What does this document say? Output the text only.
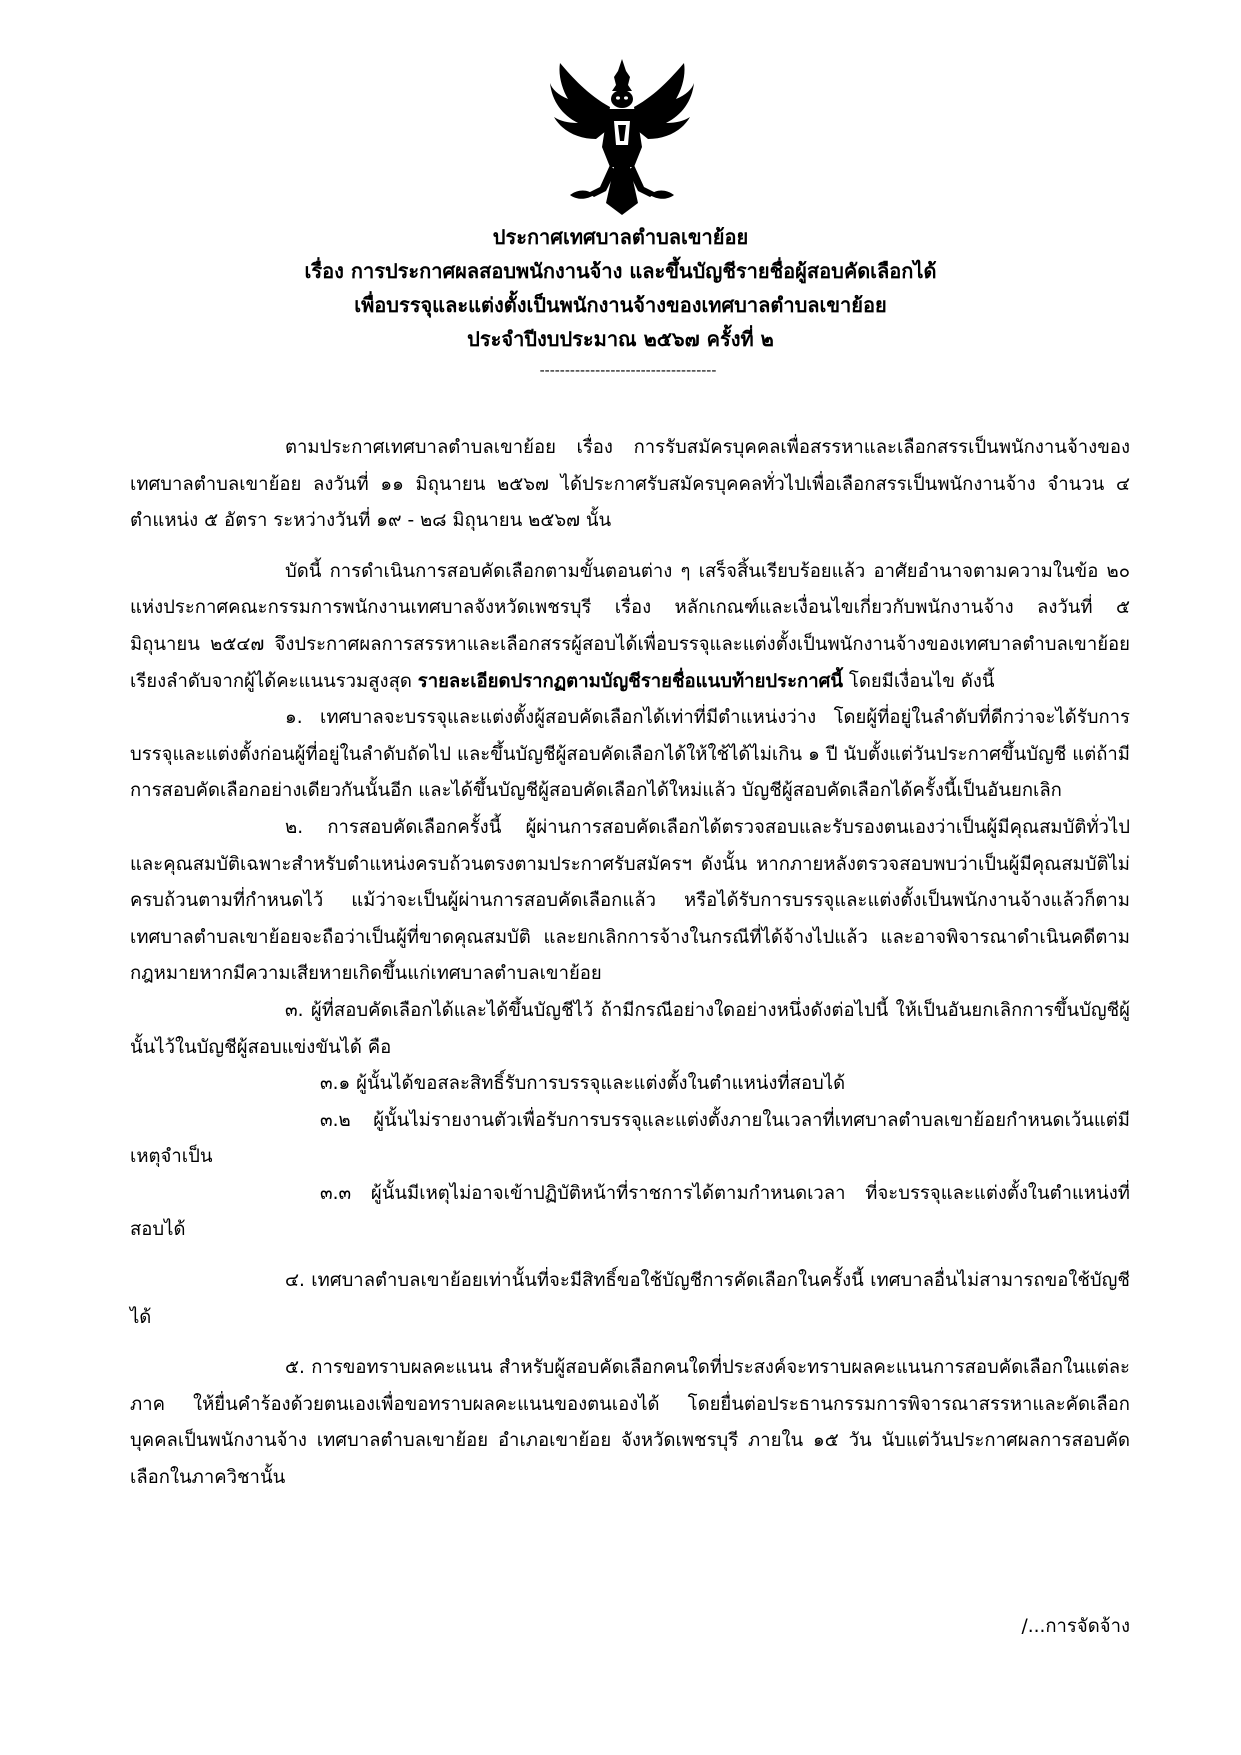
ประกาศเทศบาลตำบลเขาย้อย
เรื่อง การประกาศผลสอบพนักงานจ้าง และขึ้นบัญชีรายชื่อผู้สอบคัดเลือกได้
เพื่อบรรจุและแต่งตั้งเป็นพนักงานจ้างของเทศบาลตำบลเขาย้อย
ประจำปีงบประมาณ ๒๕๖๗ ครั้งที่ ๒
-----------------------------------

ตามประกาศเทศบาลตำบลเขาย้อย เรื่อง การรับสมัครบุคคลเพื่อสรรหาและเลือกสรรเป็นพนักงานจ้างของเทศบาลตำบลเขาย้อย ลงวันที่ ๑๑ มิถุนายน ๒๕๖๗ ได้ประกาศรับสมัครบุคคลทั่วไปเพื่อเลือกสรรเป็นพนักงานจ้าง จำนวน ๔ ตำแหน่ง ๕ อัตรา ระหว่างวันที่ ๑๙ - ๒๘ มิถุนายน ๒๕๖๗ นั้น

บัดนี้ การดำเนินการสอบคัดเลือกตามขั้นตอนต่าง ๆ เสร็จสิ้นเรียบร้อยแล้ว อาศัยอำนาจตามความในข้อ ๒๐ แห่งประกาศคณะกรรมการพนักงานเทศบาลจังหวัดเพชรบุรี เรื่อง หลักเกณฑ์และเงื่อนไขเกี่ยวกับพนักงานจ้าง ลงวันที่ ๕ มิถุนายน ๒๕๔๗ จึงประกาศผลการสรรหาและเลือกสรรผู้สอบได้เพื่อบรรจุและแต่งตั้งเป็นพนักงานจ้างของเทศบาลตำบลเขาย้อย เรียงลำดับจากผู้ได้คะแนนรวมสูงสุด รายละเอียดปรากฏตามบัญชีรายชื่อแนบท้ายประกาศนี้ โดยมีเงื่อนไข ดังนี้

๑. เทศบาลจะบรรจุและแต่งตั้งผู้สอบคัดเลือกได้เท่าที่มีตำแหน่งว่าง โดยผู้ที่อยู่ในลำดับที่ดีกว่าจะได้รับการบรรจุและแต่งตั้งก่อนผู้ที่อยู่ในลำดับถัดไป และขึ้นบัญชีผู้สอบคัดเลือกได้ให้ใช้ได้ไม่เกิน ๑ ปี นับตั้งแต่วันประกาศขึ้นบัญชี แต่ถ้ามีการสอบคัดเลือกอย่างเดียวกันนั้นอีก และได้ขึ้นบัญชีผู้สอบคัดเลือกได้ใหม่แล้ว บัญชีผู้สอบคัดเลือกได้ครั้งนี้เป็นอันยกเลิก

๒. การสอบคัดเลือกครั้งนี้ ผู้ผ่านการสอบคัดเลือกได้ตรวจสอบและรับรองตนเองว่าเป็นผู้มีคุณสมบัติทั่วไป และคุณสมบัติเฉพาะสำหรับตำแหน่งครบถ้วนตรงตามประกาศรับสมัครฯ ดังนั้น หากภายหลังตรวจสอบพบว่าเป็นผู้มีคุณสมบัติไม่ครบถ้วนตามที่กำหนดไว้ แม้ว่าจะเป็นผู้ผ่านการสอบคัดเลือกแล้ว หรือได้รับการบรรจุและแต่งตั้งเป็นพนักงานจ้างแล้วก็ตาม เทศบาลตำบลเขาย้อยจะถือว่าเป็นผู้ที่ขาดคุณสมบัติ และยกเลิกการจ้างในกรณีที่ได้จ้างไปแล้ว และอาจพิจารณาดำเนินคดีตามกฎหมายหากมีความเสียหายเกิดขึ้นแก่เทศบาลตำบลเขาย้อย

๓. ผู้ที่สอบคัดเลือกได้และได้ขึ้นบัญชีไว้ ถ้ามีกรณีอย่างใดอย่างหนึ่งดังต่อไปนี้ ให้เป็นอันยกเลิกการขึ้นบัญชีผู้นั้นไว้ในบัญชีผู้สอบแข่งขันได้ คือ

๓.๑ ผู้นั้นได้ขอสละสิทธิ์รับการบรรจุและแต่งตั้งในตำแหน่งที่สอบได้

๓.๒ ผู้นั้นไม่รายงานตัวเพื่อรับการบรรจุและแต่งตั้งภายในเวลาที่เทศบาลตำบลเขาย้อยกำหนดเว้นแต่มีเหตุจำเป็น

๓.๓ ผู้นั้นมีเหตุไม่อาจเข้าปฏิบัติหน้าที่ราชการได้ตามกำหนดเวลา ที่จะบรรจุและแต่งตั้งในตำแหน่งที่สอบได้

๔. เทศบาลตำบลเขาย้อยเท่านั้นที่จะมีสิทธิ์ขอใช้บัญชีการคัดเลือกในครั้งนี้ เทศบาลอื่นไม่สามารถขอใช้บัญชีได้

๕. การขอทราบผลคะแนน สำหรับผู้สอบคัดเลือกคนใดที่ประสงค์จะทราบผลคะแนนการสอบคัดเลือกในแต่ละภาค ให้ยื่นคำร้องด้วยตนเองเพื่อขอทราบผลคะแนนของตนเองได้ โดยยื่นต่อประธานกรรมการพิจารณาสรรหาและคัดเลือกบุคคลเป็นพนักงานจ้าง เทศบาลตำบลเขาย้อย อำเภอเขาย้อย จังหวัดเพชรบุรี ภายใน ๑๕ วัน นับแต่วันประกาศผลการสอบคัดเลือกในภาควิชานั้น

/...การจัดจ้าง
